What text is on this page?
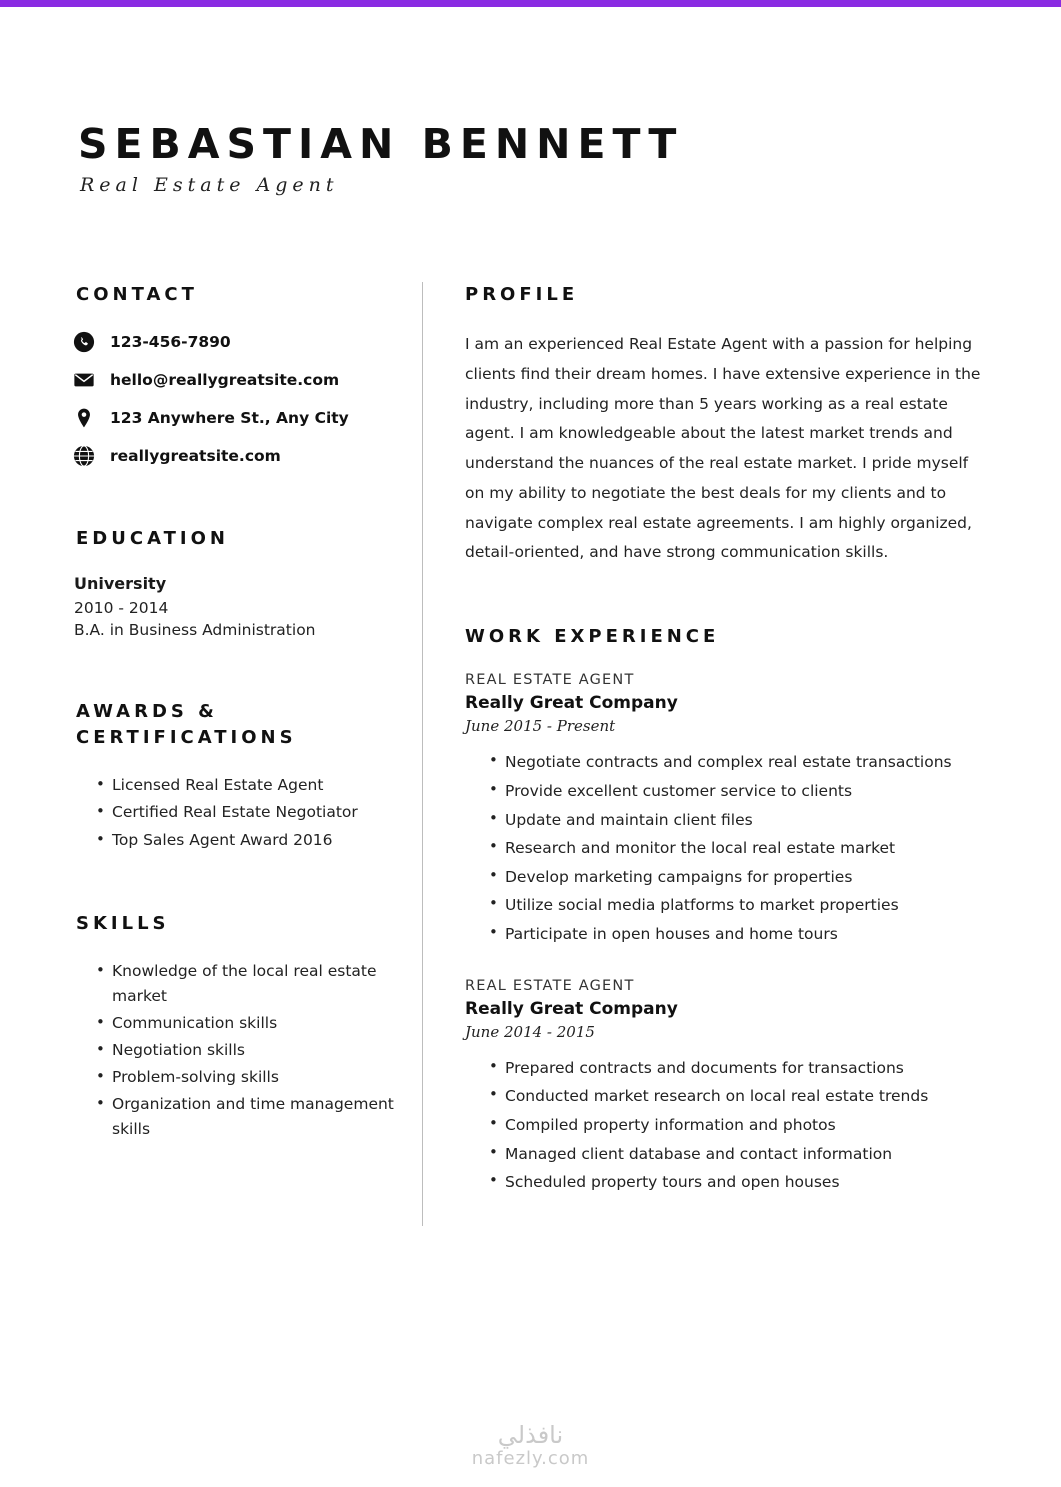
SEBASTIAN BENNETT
Real Estate Agent
CONTACT
123-456-7890
hello@reallygreatsite.com
123 Anywhere St., Any City
reallygreatsite.com
EDUCATION
University
2010 - 2014
B.A. in Business Administration
AWARDS & CERTIFICATIONS
• Licensed Real Estate Agent
• Certified Real Estate Negotiator
• Top Sales Agent Award 2016
SKILLS
• Knowledge of the local real estate market
• Communication skills
• Negotiation skills
• Problem-solving skills
• Organization and time management skills
PROFILE

I am an experienced Real Estate Agent with a passion for helping clients find their dream homes. I have extensive experience in the industry, including more than 5 years working as a real estate agent. I am knowledgeable about the latest market trends and understand the nuances of the real estate market. I pride myself on my ability to negotiate the best deals for my clients and to navigate complex real estate agreements. I am highly organized, detail-oriented, and have strong communication skills.

WORK EXPERIENCE
REAL ESTATE AGENT
Really Great Company
June 2015 - Present
• Negotiate contracts and complex real estate transactions
• Provide excellent customer service to clients
• Update and maintain client files
• Research and monitor the local real estate market
• Develop marketing campaigns for properties
• Utilize social media platforms to market properties
• Participate in open houses and home tours
REAL ESTATE AGENT
Really Great Company
June 2014 - 2015
• Prepared contracts and documents for transactions
• Conducted market research on local real estate trends
• Compiled property information and photos
• Managed client database and contact information
• Scheduled property tours and open houses
نافذلي
nafezly.com
